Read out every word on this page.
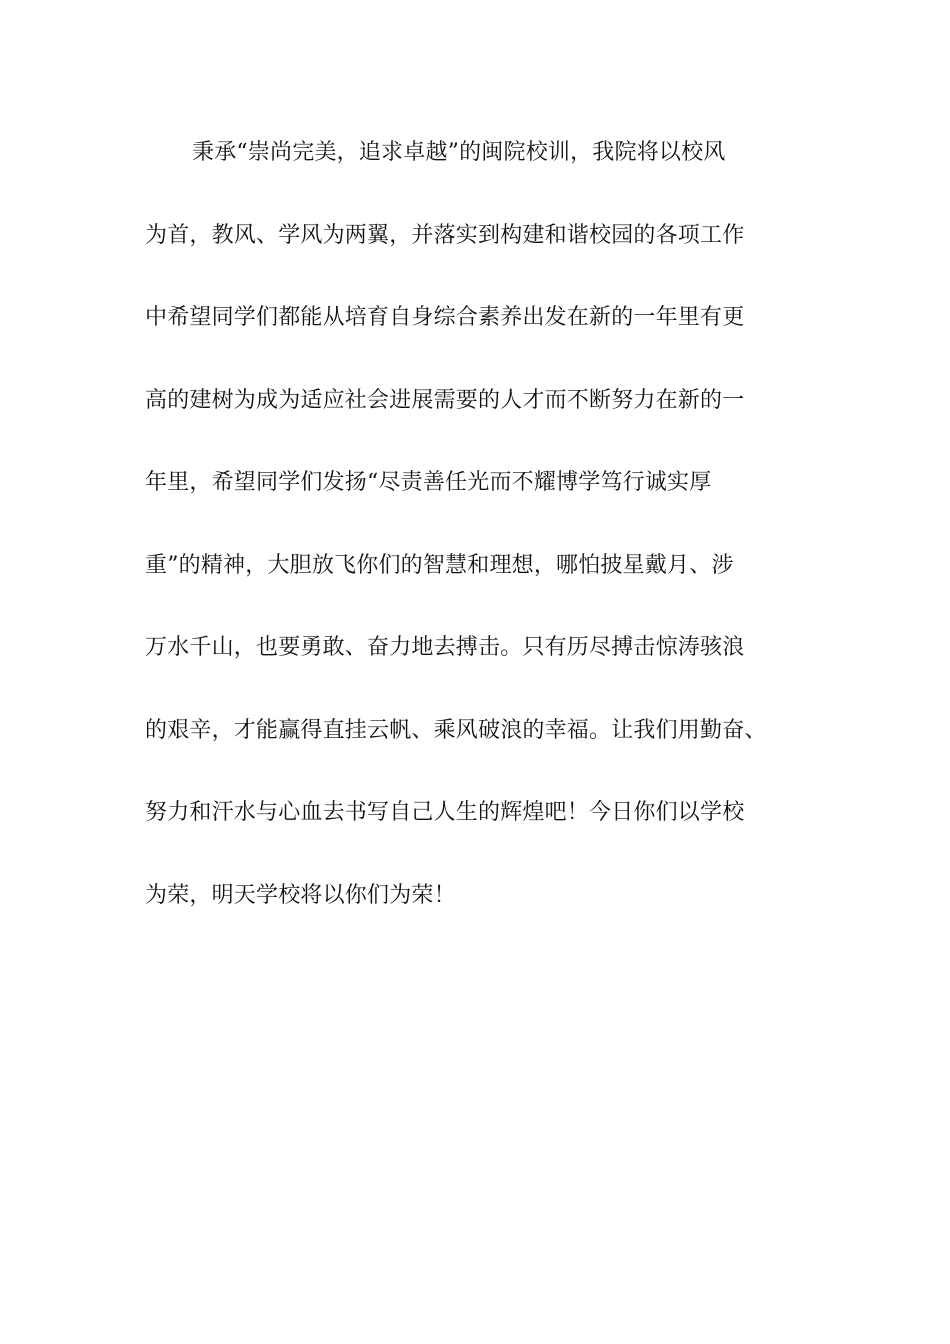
秉承“崇尚完美，追求卓越”的闽院校训，我院将以校风
为首，教风、学风为两翼，并落实到构建和谐校园的各项工作
中希望同学们都能从培育自身综合素养出发在新的一年里有更
高的建树为成为适应社会进展需要的人才而不断努力在新的一
年里，希望同学们发扬“尽责善任光而不耀博学笃行诚实厚
重”的精神，大胆放飞你们的智慧和理想，哪怕披星戴月、涉
万水千山，也要勇敢、奋力地去搏击。只有历尽搏击惊涛骇浪
的艰辛，才能赢得直挂云帆、乘风破浪的幸福。让我们用勤奋、
努力和汗水与心血去书写自己人生的辉煌吧！今日你们以学校
为荣，明天学校将以你们为荣！
